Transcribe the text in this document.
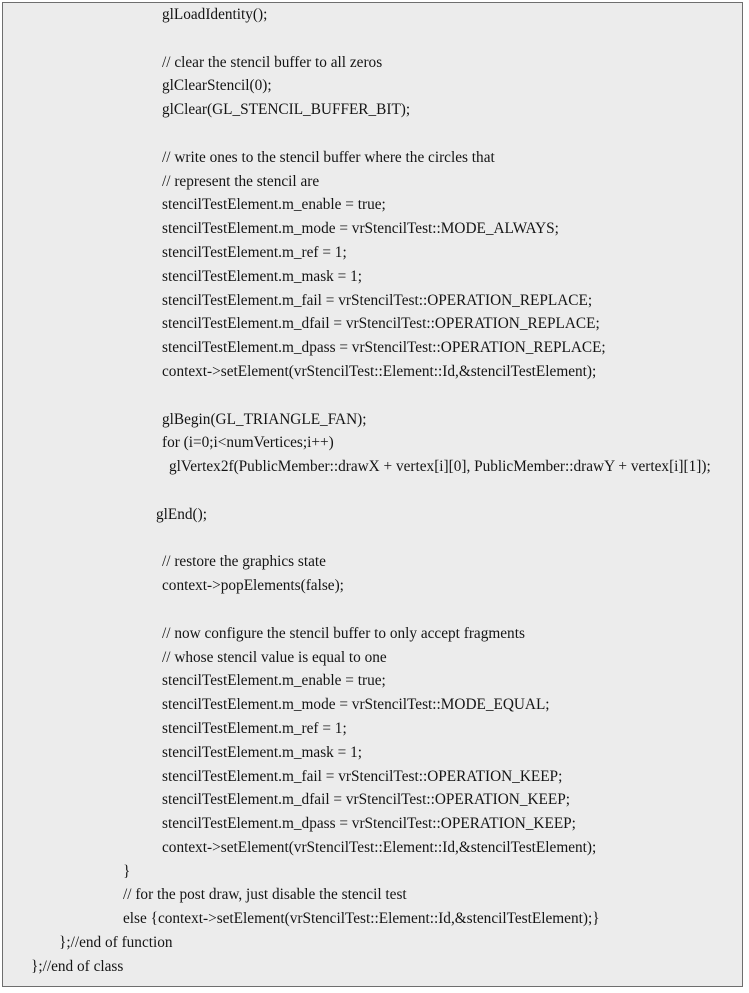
glLoadIdentity();
// clear the stencil buffer to all zeros
glClearStencil(0);
glClear(GL_STENCIL_BUFFER_BIT);
// write ones to the stencil buffer where the circles that
// represent the stencil are
stencilTestElement.m_enable = true;
stencilTestElement.m_mode = vrStencilTest::MODE_ALWAYS;
stencilTestElement.m_ref = 1;
stencilTestElement.m_mask = 1;
stencilTestElement.m_fail = vrStencilTest::OPERATION_REPLACE;
stencilTestElement.m_dfail = vrStencilTest::OPERATION_REPLACE;
stencilTestElement.m_dpass = vrStencilTest::OPERATION_REPLACE;
context->setElement(vrStencilTest::Element::Id,&stencilTestElement);
glBegin(GL_TRIANGLE_FAN);
for (i=0;i<numVertices;i++)
glVertex2f(PublicMember::drawX + vertex[i][0], PublicMember::drawY + vertex[i][1]);
glEnd();
// restore the graphics state
context->popElements(false);
// now configure the stencil buffer to only accept fragments
// whose stencil value is equal to one
stencilTestElement.m_enable = true;
stencilTestElement.m_mode = vrStencilTest::MODE_EQUAL;
stencilTestElement.m_ref = 1;
stencilTestElement.m_mask = 1;
stencilTestElement.m_fail = vrStencilTest::OPERATION_KEEP;
stencilTestElement.m_dfail = vrStencilTest::OPERATION_KEEP;
stencilTestElement.m_dpass = vrStencilTest::OPERATION_KEEP;
context->setElement(vrStencilTest::Element::Id,&stencilTestElement);
}
// for the post draw, just disable the stencil test
else {context->setElement(vrStencilTest::Element::Id,&stencilTestElement);}
};//end of function
};//end of class
